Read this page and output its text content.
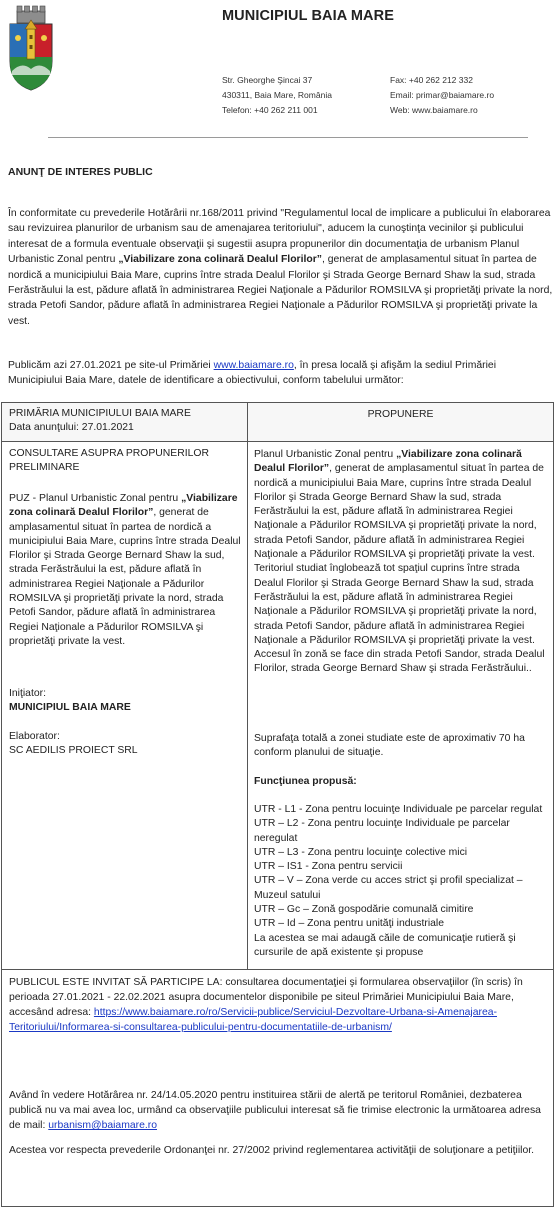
MUNICIPIUL BAIA MARE
Str. Gheorghe Şincai 37
430311, Baia Mare, România
Telefon: +40 262 211 001
Fax: +40 262 212 332
Email: primar@baiamare.ro
Web: www.baiamare.ro
ANUNŢ DE INTERES PUBLIC
În conformitate cu prevederile Hotărârii nr.168/2011 privind "Regulamentul local de implicare a publicului în elaborarea sau revizuirea planurilor de urbanism sau de amenajarea teritoriului", aducem la cunoştinţa vecinilor şi publicului interesat de a formula eventuale observaţii şi sugestii asupra propunerilor din documentaţia de urbanism Planul Urbanistic Zonal pentru „Viabilizare zona colinară Dealul Florilor”, generat de amplasamentul situat în partea de nordică a municipiului Baia Mare, cuprins între strada Dealul Florilor şi Strada George Bernard Shaw la sud, strada Ferăstrăului la est, pădure aflată în administrarea Regiei Naţionale a Pădurilor ROMSILVA şi proprietăţi private la nord, strada Petofi Sandor, pădure aflată în administrarea Regiei Naţionale a Pădurilor ROMSILVA şi proprietăţi private la vest.
Publicăm azi 27.01.2021 pe site-ul Primăriei www.baiamare.ro, în presa locală şi afişăm la sediul Primăriei Municipiului Baia Mare, datele de identificare a obiectivului, conform tabelului următor:
PRIMĂRIA MUNICIPIULUI BAIA MARE
Data anunţului: 27.01.2021
PROPUNERE
CONSULTARE ASUPRA PROPUNERILOR PRELIMINARE
PUZ - Planul Urbanistic Zonal pentru „Viabilizare zona colinară Dealul Florilor”, generat de amplasamentul situat în partea de nordică a municipiului Baia Mare, cuprins între strada Dealul Florilor şi Strada George Bernard Shaw la sud, strada Ferăstrăului la est, pădure aflată în administrarea Regiei Naţionale a Pădurilor ROMSILVA şi proprietăţi private la nord, strada Petofi Sandor, pădure aflată în administrarea Regiei Naţionale a Pădurilor ROMSILVA şi proprietăţi private la vest.
Iniţiator:
MUNICIPIUL BAIA MARE
Elaborator:
SC AEDILIS PROIECT SRL
Planul Urbanistic Zonal pentru „Viabilizare zona colinară Dealul Florilor”, generat de amplasamentul situat în partea de nordică a municipiului Baia Mare, cuprins între strada Dealul Florilor şi Strada George Bernard Shaw la sud, strada Ferăstrăului la est, pădure aflată în administrarea Regiei Naţionale a Pădurilor ROMSILVA şi proprietăţi private la nord, strada Petofi Sandor, pădure aflată în administrarea Regiei Naţionale a Pădurilor ROMSILVA şi proprietăţi private la vest. Teritoriul studiat înglobează tot spaţiul cuprins între strada Dealul Florilor şi Strada George Bernard Shaw la sud, strada Ferăstrăului la est, pădure aflată în administrarea Regiei Naţionale a Pădurilor ROMSILVA şi proprietăţi private la nord, strada Petofi Sandor, pădure aflată în administrarea Regiei Naţionale a Pădurilor ROMSILVA şi proprietăţi private la vest. Accesul în zonă se face din strada Petofi Sandor, strada Dealul Florilor, strada George Bernard Shaw şi strada Ferăstrăului..
Suprafaţa totală a zonei studiate este de aproximativ 70 ha conform planului de situaţie.
Funcţiunea propusă:
UTR - L1 - Zona pentru locuinţe Individuale pe parcelar regulat
UTR – L2 - Zona pentru locuinţe Individuale pe parcelar neregulat
UTR – L3 - Zona pentru locuinţe colective mici
UTR – IS1 - Zona pentru servicii
UTR – V – Zona verde cu acces strict şi profil specializat – Muzeul satului
UTR – Gc – Zonă gospodărie comunală cimitire
UTR – Id – Zona pentru unităţi industriale
La acestea se mai adaugă căile de comunicaţie rutieră şi cursurile de apă existente şi propuse
PUBLICUL ESTE INVITAT SĂ PARTICIPE LA: consultarea documentaţiei şi formularea observaţiilor (în scris) în perioada 27.01.2021 - 22.02.2021 asupra documentelor disponibile pe siteul Primăriei Municipiului Baia Mare, accesând adresa: https://www.baiamare.ro/ro/Servicii-publice/Serviciul-Dezvoltare-Urbana-si-Amenajarea-Teritoriului/Informarea-si-consultarea-publicului-pentru-documentatiile-de-urbanism/
Având în vedere Hotărârea nr. 24/14.05.2020 pentru instituirea stării de alertă pe teritorul României, dezbaterea publică nu va mai avea loc, urmând ca observaţiile publicului interesat să fie trimise electronic la următoarea adresa de mail: urbanism@baiamare.ro
Acestea vor respecta prevederile Ordonanţei nr. 27/2002 privind reglementarea activităţii de soluţionare a petiţiilor.
